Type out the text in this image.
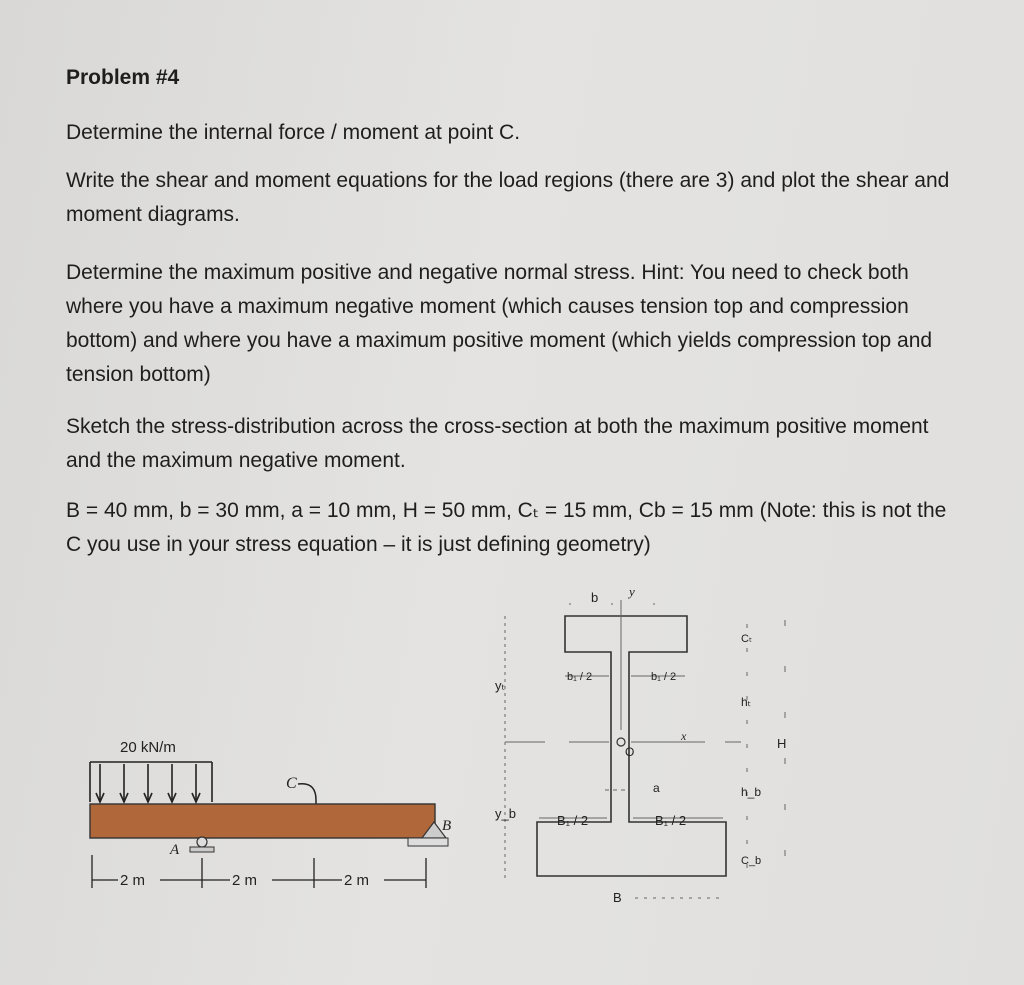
Problem #4

Determine the internal force / moment at point C.

Write the shear and moment equations for the load regions (there are 3) and plot the shear and moment diagrams.

Determine the maximum positive and negative normal stress. Hint: You need to check both where you have a maximum negative moment (which causes tension top and compression bottom) and where you have a maximum positive moment (which yields compression top and tension bottom)

Sketch the stress-distribution across the cross-section at both the maximum positive moment and the maximum negative moment.

B = 40 mm, b = 30 mm, a = 10 mm, H = 50 mm, Cₜ = 15 mm, Cb = 15 mm (Note: this is not the C you use in your stress equation – it is just defining geometry)

20 kN/m
C
A
B
2 m	2 m	2 m
b y
b₁ / 2	b₁ / 2
yₜ
O
x
a
y_b	B₁ / 2	B₁ / 2
B
Cₜ
hₜ
H
h_b
C_b
